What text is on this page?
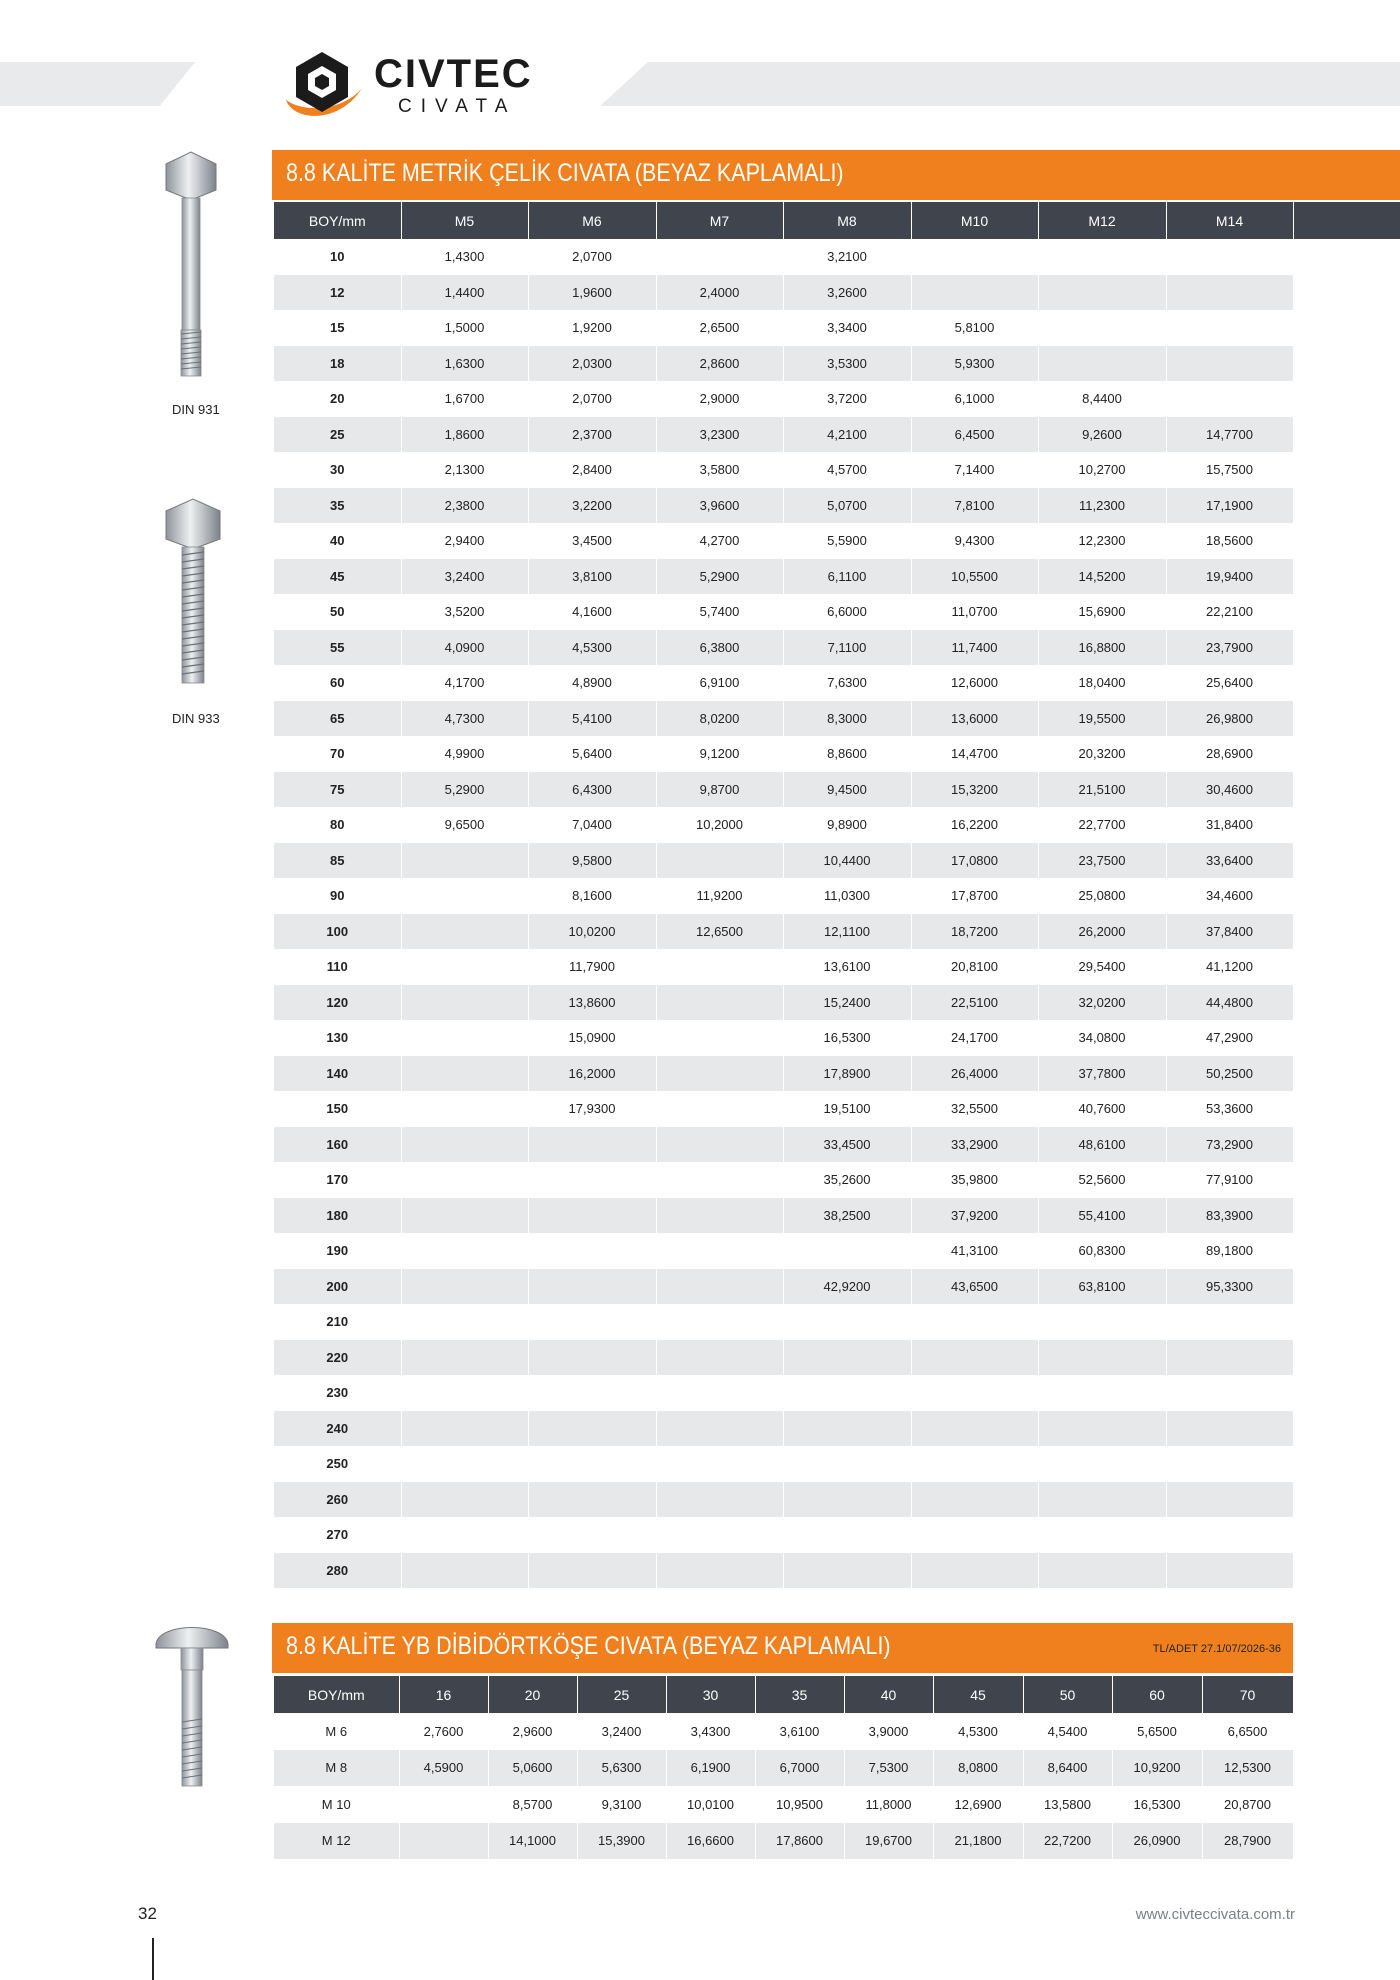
CIVTEC
CIVATA
DIN 931
DIN 933
8.8 KALİTE METRİK ÇELİK CIVATA (BEYAZ KAPLAMALI)
BOY/mm	M5	M6	M7	M8	M10	M12	M14	
10	1,4300	2,0700		3,2100				
12	1,4400	1,9600	2,4000	3,2600				
15	1,5000	1,9200	2,6500	3,3400	5,8100			
18	1,6300	2,0300	2,8600	3,5300	5,9300			
20	1,6700	2,0700	2,9000	3,7200	6,1000	8,4400		
25	1,8600	2,3700	3,2300	4,2100	6,4500	9,2600	14,7700	
30	2,1300	2,8400	3,5800	4,5700	7,1400	10,2700	15,7500	
35	2,3800	3,2200	3,9600	5,0700	7,8100	11,2300	17,1900	
40	2,9400	3,4500	4,2700	5,5900	9,4300	12,2300	18,5600	
45	3,2400	3,8100	5,2900	6,1100	10,5500	14,5200	19,9400	
50	3,5200	4,1600	5,7400	6,6000	11,0700	15,6900	22,2100	
55	4,0900	4,5300	6,3800	7,1100	11,7400	16,8800	23,7900	
60	4,1700	4,8900	6,9100	7,6300	12,6000	18,0400	25,6400	
65	4,7300	5,4100	8,0200	8,3000	13,6000	19,5500	26,9800	
70	4,9900	5,6400	9,1200	8,8600	14,4700	20,3200	28,6900	
75	5,2900	6,4300	9,8700	9,4500	15,3200	21,5100	30,4600	
80	9,6500	7,0400	10,2000	9,8900	16,2200	22,7700	31,8400	
85		9,5800		10,4400	17,0800	23,7500	33,6400	
90		8,1600	11,9200	11,0300	17,8700	25,0800	34,4600	
100		10,0200	12,6500	12,1100	18,7200	26,2000	37,8400	
110		11,7900		13,6100	20,8100	29,5400	41,1200	
120		13,8600		15,2400	22,5100	32,0200	44,4800	
130		15,0900		16,5300	24,1700	34,0800	47,2900	
140		16,2000		17,8900	26,4000	37,7800	50,2500	
150		17,9300		19,5100	32,5500	40,7600	53,3600	
160				33,4500	33,2900	48,6100	73,2900	
170				35,2600	35,9800	52,5600	77,9100	
180				38,2500	37,9200	55,4100	83,3900	
190					41,3100	60,8300	89,1800	
200				42,9200	43,6500	63,8100	95,3300	
210								
220								
230								
240								
250								
260								
270								
280								
8.8 KALİTE YB DİBİDÖRTKÖŞE CIVATA (BEYAZ KAPLAMALI)	TL/ADET 27.1/07/2026-36
BOY/mm	16	20	25	30	35	40	45	50	60	70
M 6	2,7600	2,9600	3,2400	3,4300	3,6100	3,9000	4,5300	4,5400	5,6500	6,6500
M 8	4,5900	5,0600	5,6300	6,1900	6,7000	7,5300	8,0800	8,6400	10,9200	12,5300
M 10		8,5700	9,3100	10,0100	10,9500	11,8000	12,6900	13,5800	16,5300	20,8700
M 12		14,1000	15,3900	16,6600	17,8600	19,6700	21,1800	22,7200	26,0900	28,7900
32	www.civteccivata.com.tr
